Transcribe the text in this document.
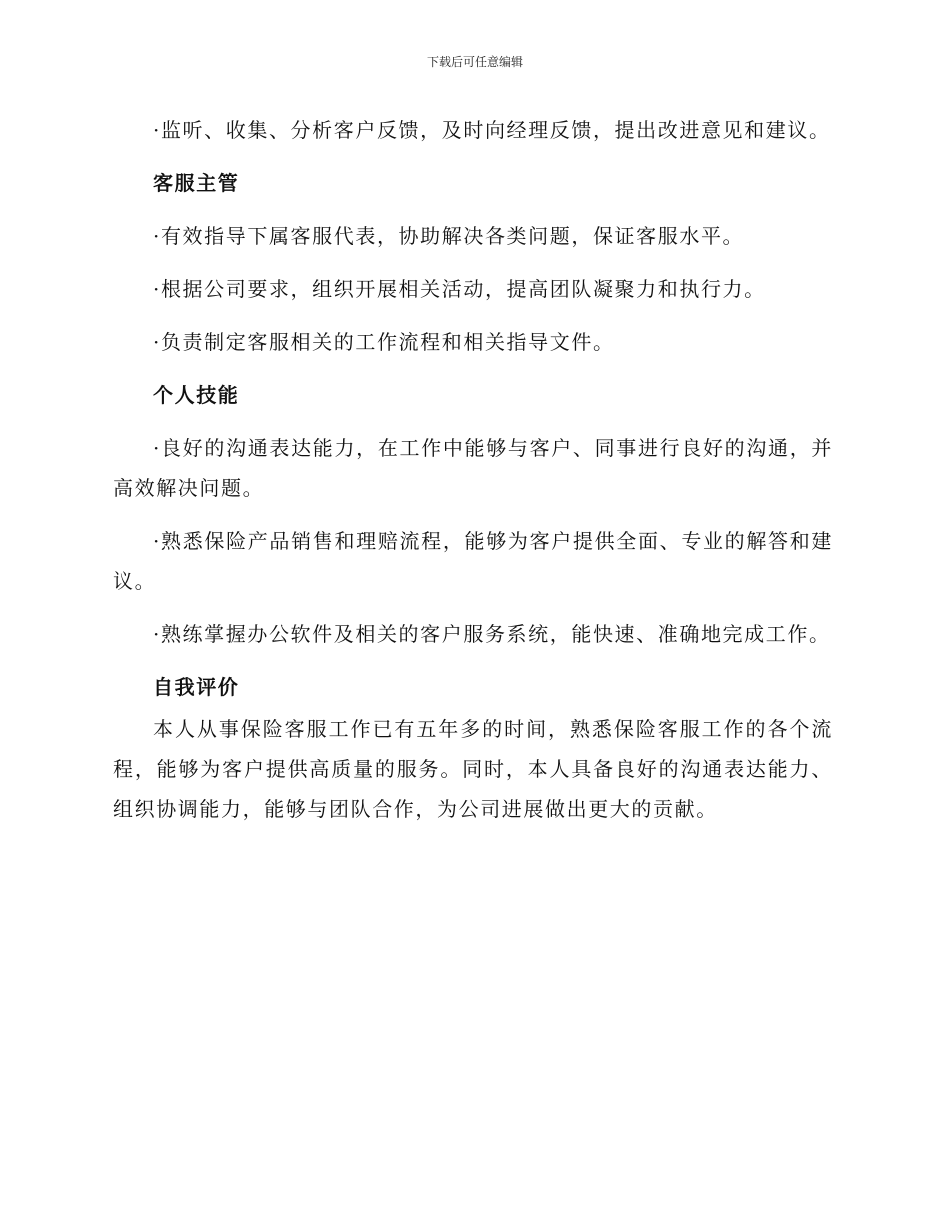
下载后可任意编辑

·监听、收集、分析客户反馈，及时向经理反馈，提出改进意见和建议。

客服主管

·有效指导下属客服代表，协助解决各类问题，保证客服水平。

·根据公司要求，组织开展相关活动，提高团队凝聚力和执行力。

·负责制定客服相关的工作流程和相关指导文件。

个人技能

·良好的沟通表达能力，在工作中能够与客户、同事进行良好的沟通，并高效解决问题。

·熟悉保险产品销售和理赔流程，能够为客户提供全面、专业的解答和建议。

·熟练掌握办公软件及相关的客户服务系统，能快速、准确地完成工作。

自我评价

本人从事保险客服工作已有五年多的时间，熟悉保险客服工作的各个流程，能够为客户提供高质量的服务。同时，本人具备良好的沟通表达能力、组织协调能力，能够与团队合作，为公司进展做出更大的贡献。
